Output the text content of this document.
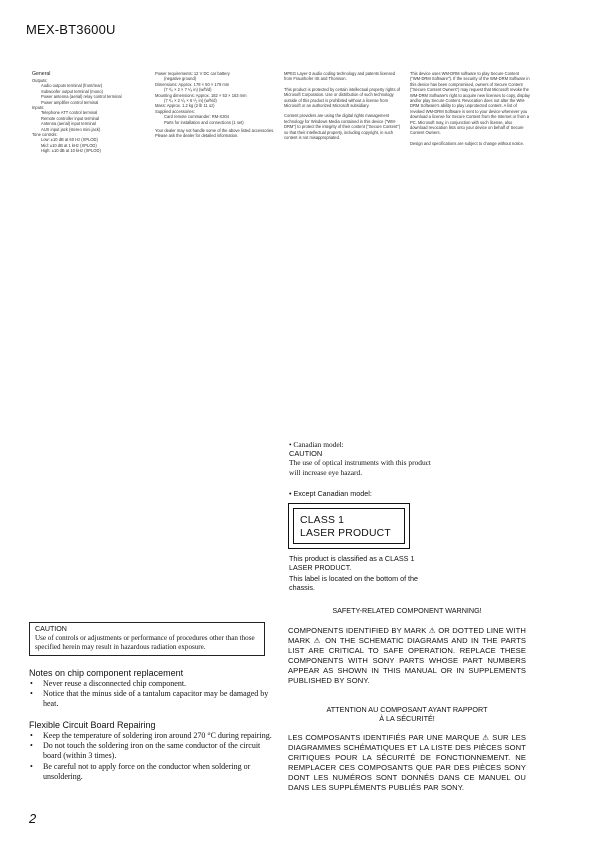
MEX-BT3600U
General
Outputs:
Audio outputs terminal (front/rear)
Subwoofer output terminal (mono)
Power antenna (aerial) relay control terminal
Power amplifier control terminal
Inputs:
Telephone ATT control terminal
Remote controller input terminal
Antenna (aerial) input terminal
AUX input jack (stereo mini jack)
Tone controls:
Low: ±10 dB at 60 Hz (XPLOD)
Mid: ±10 dB at 1 kHz (XPLOD)
High: ±10 dB at 10 kHz (XPLOD)
Power requirements: 12 V DC car battery
(negative ground)
Dimensions: Approx. 178 × 50 × 179 mm
(7 ¹/₈ × 2 × 7 ¹/₈ in) (w/h/d)
Mounting dimensions: Approx. 182 × 53 × 163 mm
(7 ¹/₄ × 2 ¹/₈ × 6 ¹/₂ in) (w/h/d)
Mass: Approx. 1.2 kg (2 lb 11 oz)
Supplied accessories:
Card remote commander: RM-X304
Parts for installation and connections (1 set)
Your dealer may not handle some of the above listed accessories. Please ask the dealer for detailed information.

MPEG Layer-3 audio coding technology and patents licensed from Fraunhofer IIS and Thomson.

This product is protected by certain intellectual property rights of Microsoft Corporation. Use or distribution of such technology outside of this product is prohibited without a license from Microsoft or an authorized Microsoft subsidiary.

Content providers are using the digital rights management technology for Windows Media contained in this device ("WM-DRM") to protect the integrity of their content ("Secure Content") so that their intellectual property, including copyright, in such content is not misappropriated.

This device uses WM-DRM software to play Secure Content ("WM-DRM Software"). If the security of the WM-DRM Software in this device has been compromised, owners of Secure Content ("Secure Content Owners") may request that Microsoft revoke the WM-DRM Software's right to acquire new licenses to copy, display and/or play Secure Content. Revocation does not alter the WM-DRM Software's ability to play unprotected content. A list of revoked WM-DRM Software is sent to your device whenever you download a license for Secure Content from the Internet or from a PC. Microsoft may, in conjunction with such license, also download revocation lists onto your device on behalf of Secure Content Owners.

Design and specifications are subject to change without notice.

• Canadian model:
CAUTION
The use of optical instruments with this product will increase eye hazard.
• Except Canadian model:
CLASS 1
LASER PRODUCT

This product is classified as a CLASS 1 LASER PRODUCT.

This label is located on the bottom of the chassis.

CAUTION
Use of controls or adjustments or performance of procedures other than those specified herein may result in hazardous radiation exposure.
Notes on chip component replacement
• Never reuse a disconnected chip component.
• Notice that the minus side of a tantalum capacitor may be damaged by heat.
Flexible Circuit Board Repairing
• Keep the temperature of soldering iron around 270 °C during repairing.
• Do not touch the soldering iron on the same conductor of the circuit board (within 3 times).
• Be careful not to apply force on the conductor when soldering or unsoldering.
SAFETY-RELATED COMPONENT WARNING!
COMPONENTS IDENTIFIED BY MARK ⚠ OR DOTTED LINE WITH MARK ⚠ ON THE SCHEMATIC DIAGRAMS AND IN THE PARTS LIST ARE CRITICAL TO SAFE OPERATION. REPLACE THESE COMPONENTS WITH SONY PARTS WHOSE PART NUMBERS APPEAR AS SHOWN IN THIS MANUAL OR IN SUPPLEMENTS PUBLISHED BY SONY.
ATTENTION AU COMPOSANT AYANT RAPPORT
À LA SÉCURITÉ!
LES COMPOSANTS IDENTIFIÉS PAR UNE MARQUE ⚠ SUR LES DIAGRAMMES SCHÉMATIQUES ET LA LISTE DES PIÈCES SONT CRITIQUES POUR LA SÉCURITÉ DE FONCTIONNEMENT. NE REMPLACER CES COMPOSANTS QUE PAR DES PIÈCES SONY DONT LES NUMÉROS SONT DONNÉS DANS CE MANUEL OU DANS LES SUPPLÉMENTS PUBLIÉS PAR SONY.
2
